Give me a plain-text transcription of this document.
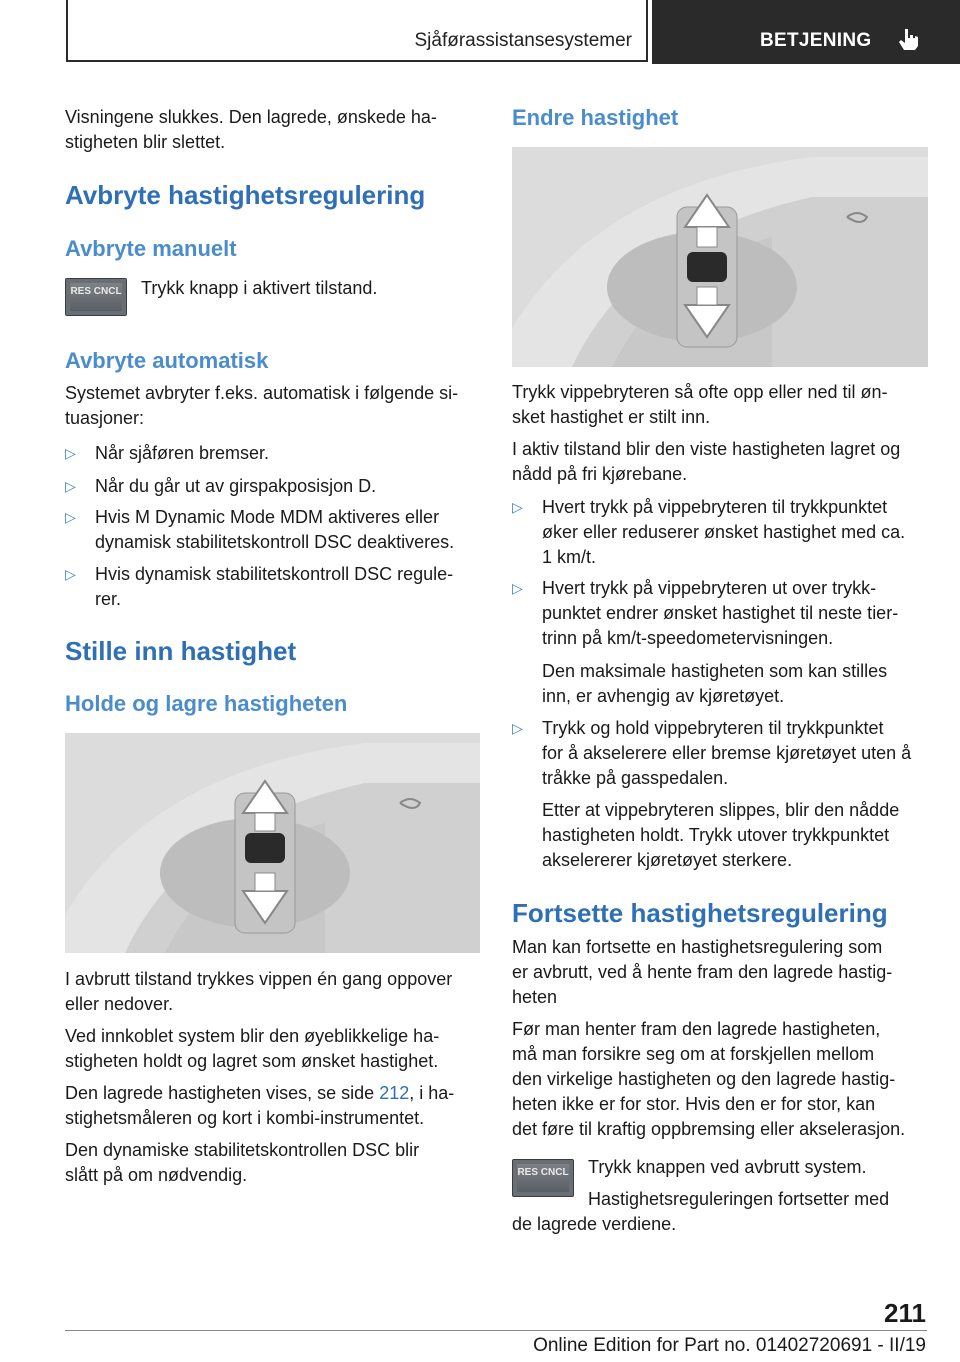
Sjåførassistansesystemer	BETJENING

Visningene slukkes. Den lagrede, ønskede ha-

stigheten blir slettet.

Avbryte hastighetsregulering
Avbryte manuelt
RES CNCL Trykk knapp i aktivert tilstand.

Avbryte automatisk

Systemet avbryter f.eks. automatisk i følgende si-

tuasjoner:

▷ Når sjåføren bremser.
▷ Når du går ut av girspakposisjon D.
▷ Hvis M Dynamic Mode MDM aktiveres eller

dynamisk stabilitetskontroll DSC deaktiveres.

▷ Hvis dynamisk stabilitetskontroll DSC regule-

rer.

Stille inn hastighet
Holde og lagre hastigheten

I avbrutt tilstand trykkes vippen én gang oppover

eller nedover.

Ved innkoblet system blir den øyeblikkelige ha-

stigheten holdt og lagret som ønsket hastighet.

Den lagrede hastigheten vises, se side 212, i ha-

stighetsmåleren og kort i kombi-instrumentet.

Den dynamiske stabilitetskontrollen DSC blir

slått på om nødvendig.

Endre hastighet

Trykk vippebryteren så ofte opp eller ned til øn-

sket hastighet er stilt inn.

I aktiv tilstand blir den viste hastigheten lagret og

nådd på fri kjørebane.

▷ Hvert trykk på vippebryteren til trykkpunktet

øker eller reduserer ønsket hastighet med ca.

1 km/t.

▷ Hvert trykk på vippebryteren ut over trykk-

punktet endrer ønsket hastighet til neste tier-

trinn på km/t-speedometervisningen.

Den maksimale hastigheten som kan stilles

inn, er avhengig av kjøretøyet.

▷ Trykk og hold vippebryteren til trykkpunktet

for å akselerere eller bremse kjøretøyet uten å

tråkke på gasspedalen.

Etter at vippebryteren slippes, blir den nådde

hastigheten holdt. Trykk utover trykkpunktet

akselererer kjøretøyet sterkere.

Fortsette hastighetsregulering

Man kan fortsette en hastighetsregulering som

er avbrutt, ved å hente fram den lagrede hastig-

heten

Før man henter fram den lagrede hastigheten,

må man forsikre seg om at forskjellen mellom

den virkelige hastigheten og den lagrede hastig-

heten ikke er for stor. Hvis den er for stor, kan

det føre til kraftig oppbremsing eller akselerasjon.

RES CNCL Trykk knappen ved avbrutt system.

Hastighetsreguleringen fortsetter med

de lagrede verdiene.

211
Online Edition for Part no. 01402720691 - II/19
